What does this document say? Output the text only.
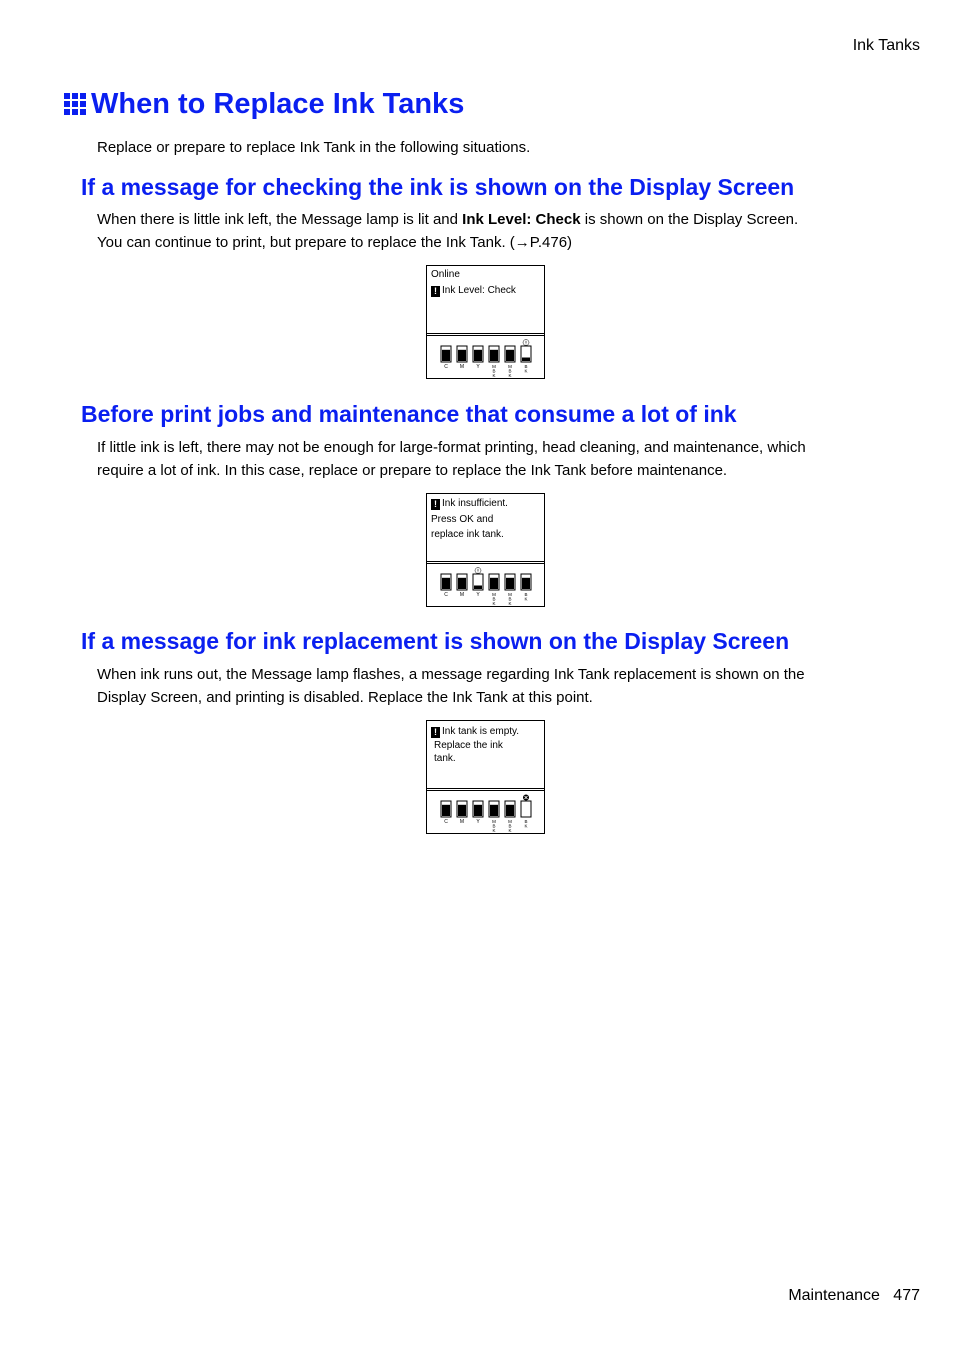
Ink Tanks
When to Replace Ink Tanks
Replace or prepare to replace Ink Tank in the following situations.
If a message for checking the ink is shown on the Display Screen
When there is little ink left, the Message lamp is lit and Ink Level: Check is shown on the Display Screen.
You can continue to print, but prepare to replace the Ink Tank. (→P.476)
Online
! Ink Level: Check
C M Y	M
B
K
M
B
K
B
K
Before print jobs and maintenance that consume a lot of ink
If little ink is left, there may not be enough for large-format printing, head cleaning, and maintenance, which
require a lot of ink. In this case, replace or prepare to replace the Ink Tank before maintenance.
! Ink insufficient.
Press OK and
replace ink tank.
C M Y	M
B
K
M
B
K
B
K
If a message for ink replacement is shown on the Display Screen
When ink runs out, the Message lamp flashes, a message regarding Ink Tank replacement is shown on the
Display Screen, and printing is disabled. Replace the Ink Tank at this point.
! Ink tank is empty.
Replace the ink
tank.
C M Y	M
B
K
M
B
K
B
K
Maintenance 477
